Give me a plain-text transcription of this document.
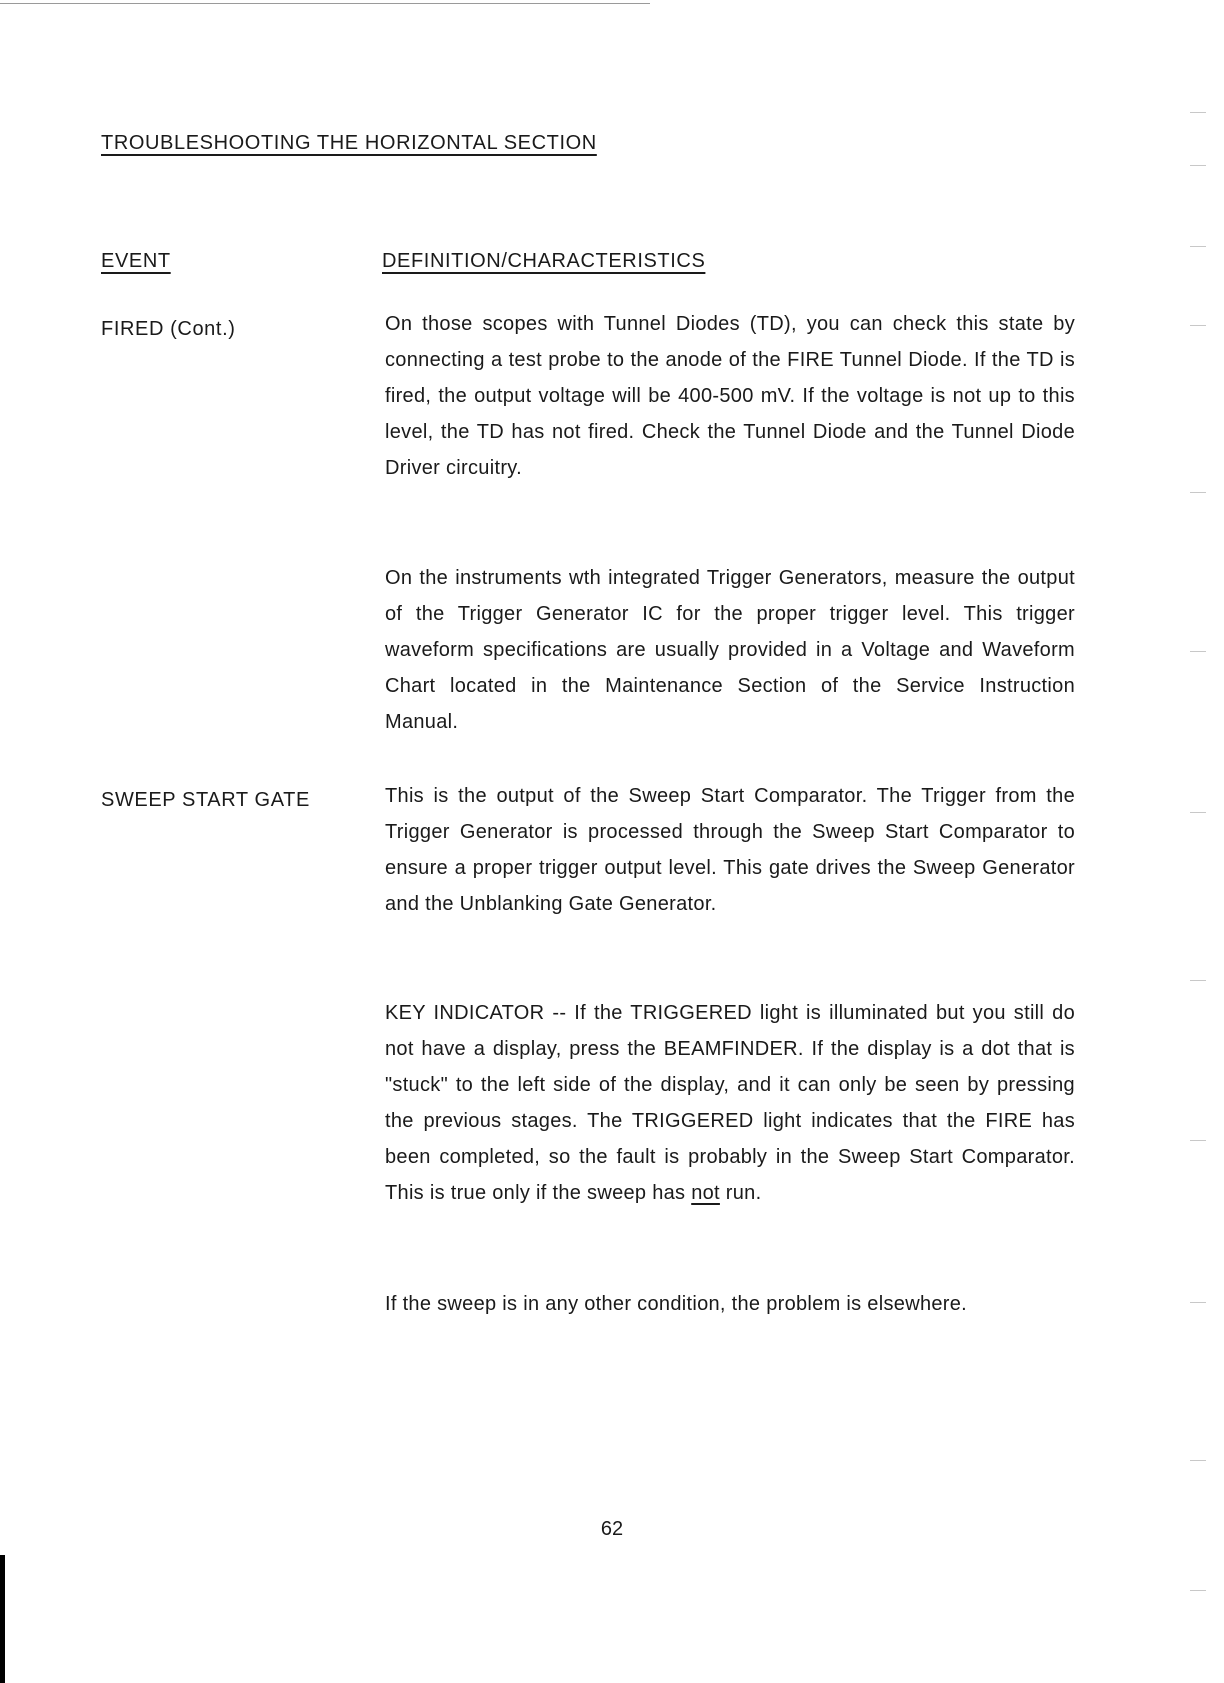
TROUBLESHOOTING THE HORIZONTAL SECTION
EVENT	DEFINITION/CHARACTERISTICS
FIRED (Cont.)	On those scopes with Tunnel Diodes (TD), you can check this state by connecting a test probe to the anode of the FIRE Tunnel Diode. If the TD is fired, the output voltage will be 400-500 mV. If the voltage is not up to this level, the TD has not fired. Check the Tunnel Diode and the Tunnel Diode Driver circuitry.

On the instruments wth integrated Trigger Generators, measure the output of the Trigger Generator IC for the proper trigger level. This trigger waveform specifications are usually provided in a Voltage and Waveform Chart located in the Maintenance Section of the Service Instruction Manual.

SWEEP START GATE	This is the output of the Sweep Start Comparator. The Trigger from the Trigger Generator is processed through the Sweep Start Comparator to ensure a proper trigger output level. This gate drives the Sweep Generator and the Unblanking Gate Generator.

KEY INDICATOR -- If the TRIGGERED light is illuminated but you still do not have a display, press the BEAMFINDER. If the display is a dot that is "stuck" to the left side of the display, and it can only be seen by pressing the previous stages. The TRIGGERED light indicates that the FIRE has been completed, so the fault is probably in the Sweep Start Comparator. This is true only if the sweep has not run.

If the sweep is in any other condition, the problem is elsewhere.

62
